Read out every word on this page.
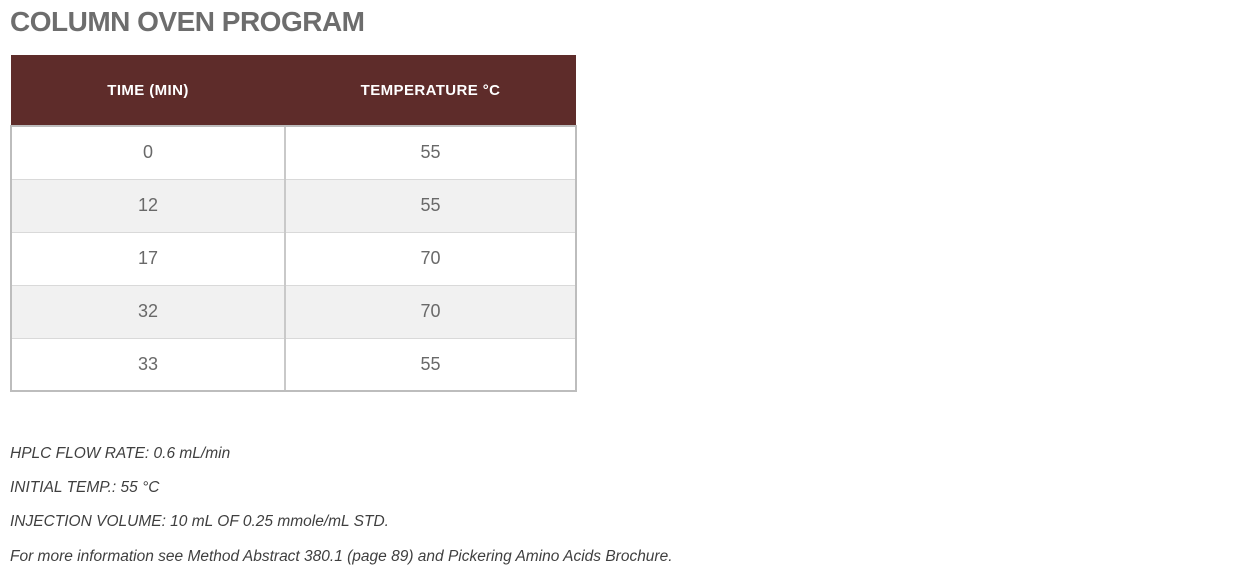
COLUMN OVEN PROGRAM
TIME (MIN)	TEMPERATURE °C
0	55
12	55
17	70
32	70
33	55

HPLC FLOW RATE: 0.6 mL/min

INITIAL TEMP.: 55 °C

INJECTION VOLUME: 10 mL OF 0.25 mmole/mL STD.

For more information see Method Abstract 380.1 (page 89) and Pickering Amino Acids Brochure.
